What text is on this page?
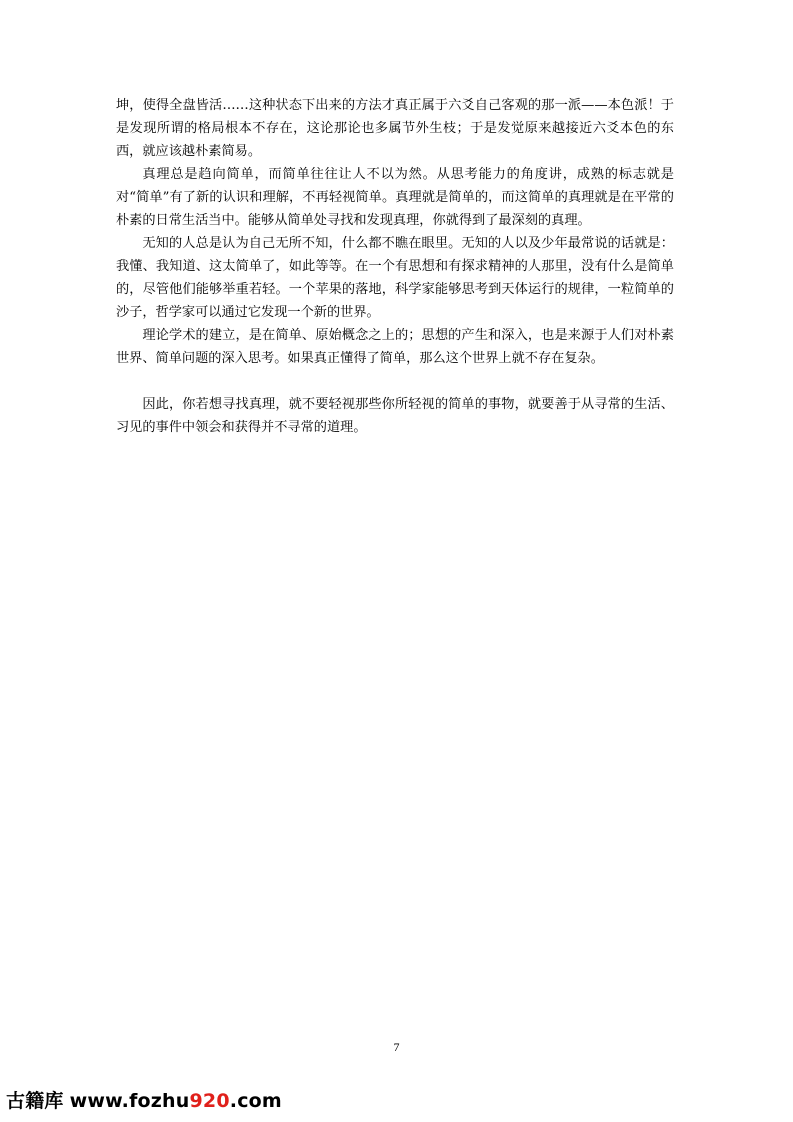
坤，使得全盘皆活……这种状态下出来的方法才真正属于六爻自己客观的那一派——本色派！于是发现所谓的格局根本不存在，这论那论也多属节外生枝；于是发觉原来越接近六爻本色的东西，就应该越朴素简易。

真理总是趋向简单，而简单往往让人不以为然。从思考能力的角度讲，成熟的标志就是对“简单”有了新的认识和理解，不再轻视简单。真理就是简单的，而这简单的真理就是在平常的朴素的日常生活当中。能够从简单处寻找和发现真理，你就得到了最深刻的真理。

无知的人总是认为自己无所不知，什么都不瞧在眼里。无知的人以及少年最常说的话就是：我懂、我知道、这太简单了，如此等等。在一个有思想和有探求精神的人那里，没有什么是简单的，尽管他们能够举重若轻。一个苹果的落地，科学家能够思考到天体运行的规律，一粒简单的沙子，哲学家可以通过它发现一个新的世界。

理论学术的建立，是在简单、原始概念之上的；思想的产生和深入，也是来源于人们对朴素世界、简单问题的深入思考。如果真正懂得了简单，那么这个世界上就不存在复杂。

因此，你若想寻找真理，就不要轻视那些你所轻视的简单的事物，就要善于从寻常的生活、习见的事件中领会和获得并不寻常的道理。

7
古籍库 www.fozhu920.com
